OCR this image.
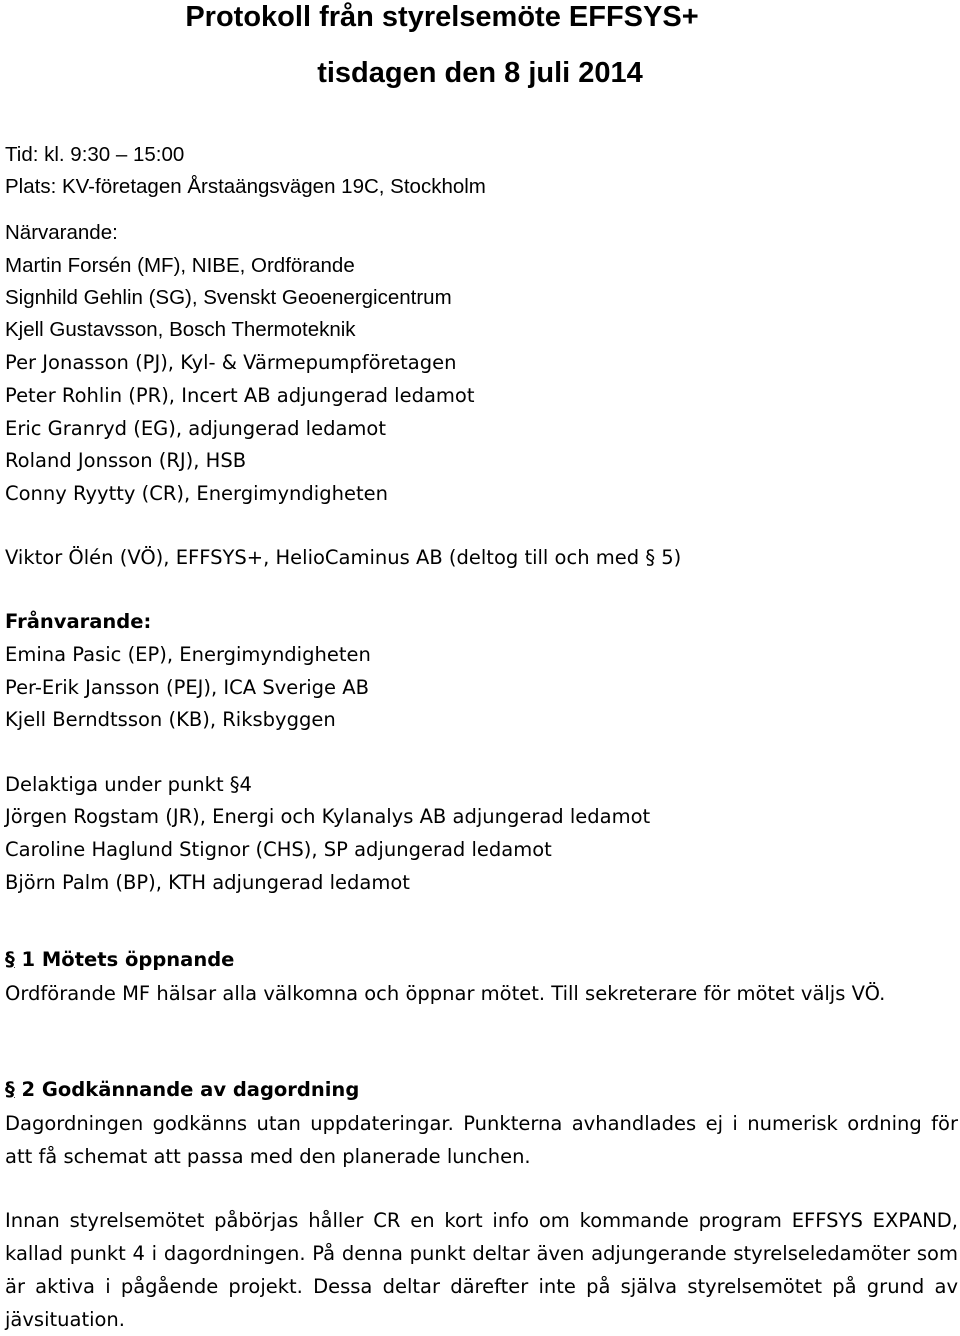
Protokoll från styrelsemöte EFFSYS+
tisdagen den 8 juli 2014

Tid: kl. 9:30 – 15:00

Plats: KV-företagen Årstaängsvägen 19C, Stockholm

Närvarande:

Martin Forsén (MF), NIBE, Ordförande

Signhild Gehlin (SG), Svenskt Geoenergicentrum

Kjell Gustavsson, Bosch Thermoteknik

Per Jonasson (PJ), Kyl- & Värmepumpföretagen

Peter Rohlin (PR), Incert AB adjungerad ledamot

Eric Granryd (EG), adjungerad ledamot

Roland Jonsson (RJ), HSB

Conny Ryytty (CR), Energimyndigheten

Viktor Ölén (VÖ), EFFSYS+, HelioCaminus AB (deltog till och med § 5)

Frånvarande:

Emina Pasic (EP), Energimyndigheten

Per-Erik Jansson (PEJ), ICA Sverige AB

Kjell Berndtsson (KB), Riksbyggen

Delaktiga under punkt §4

Jörgen Rogstam (JR), Energi och Kylanalys AB adjungerad ledamot

Caroline Haglund Stignor (CHS), SP adjungerad ledamot

Björn Palm (BP), KTH adjungerad ledamot

§ 1 Mötets öppnande

Ordförande MF hälsar alla välkomna och öppnar mötet. Till sekreterare för mötet väljs VÖ.

§ 2 Godkännande av dagordning

Dagordningen godkänns utan uppdateringar. Punkterna avhandlades ej i numerisk ordning för att få schemat att passa med den planerade lunchen.

Innan styrelsemötet påbörjas håller CR en kort info om kommande program EFFSYS EXPAND, kallad punkt 4 i dagordningen. På denna punkt deltar även adjungerande styrelseledamöter som är aktiva i pågående projekt. Dessa deltar därefter inte på själva styrelsemötet på grund av jävsituation.
